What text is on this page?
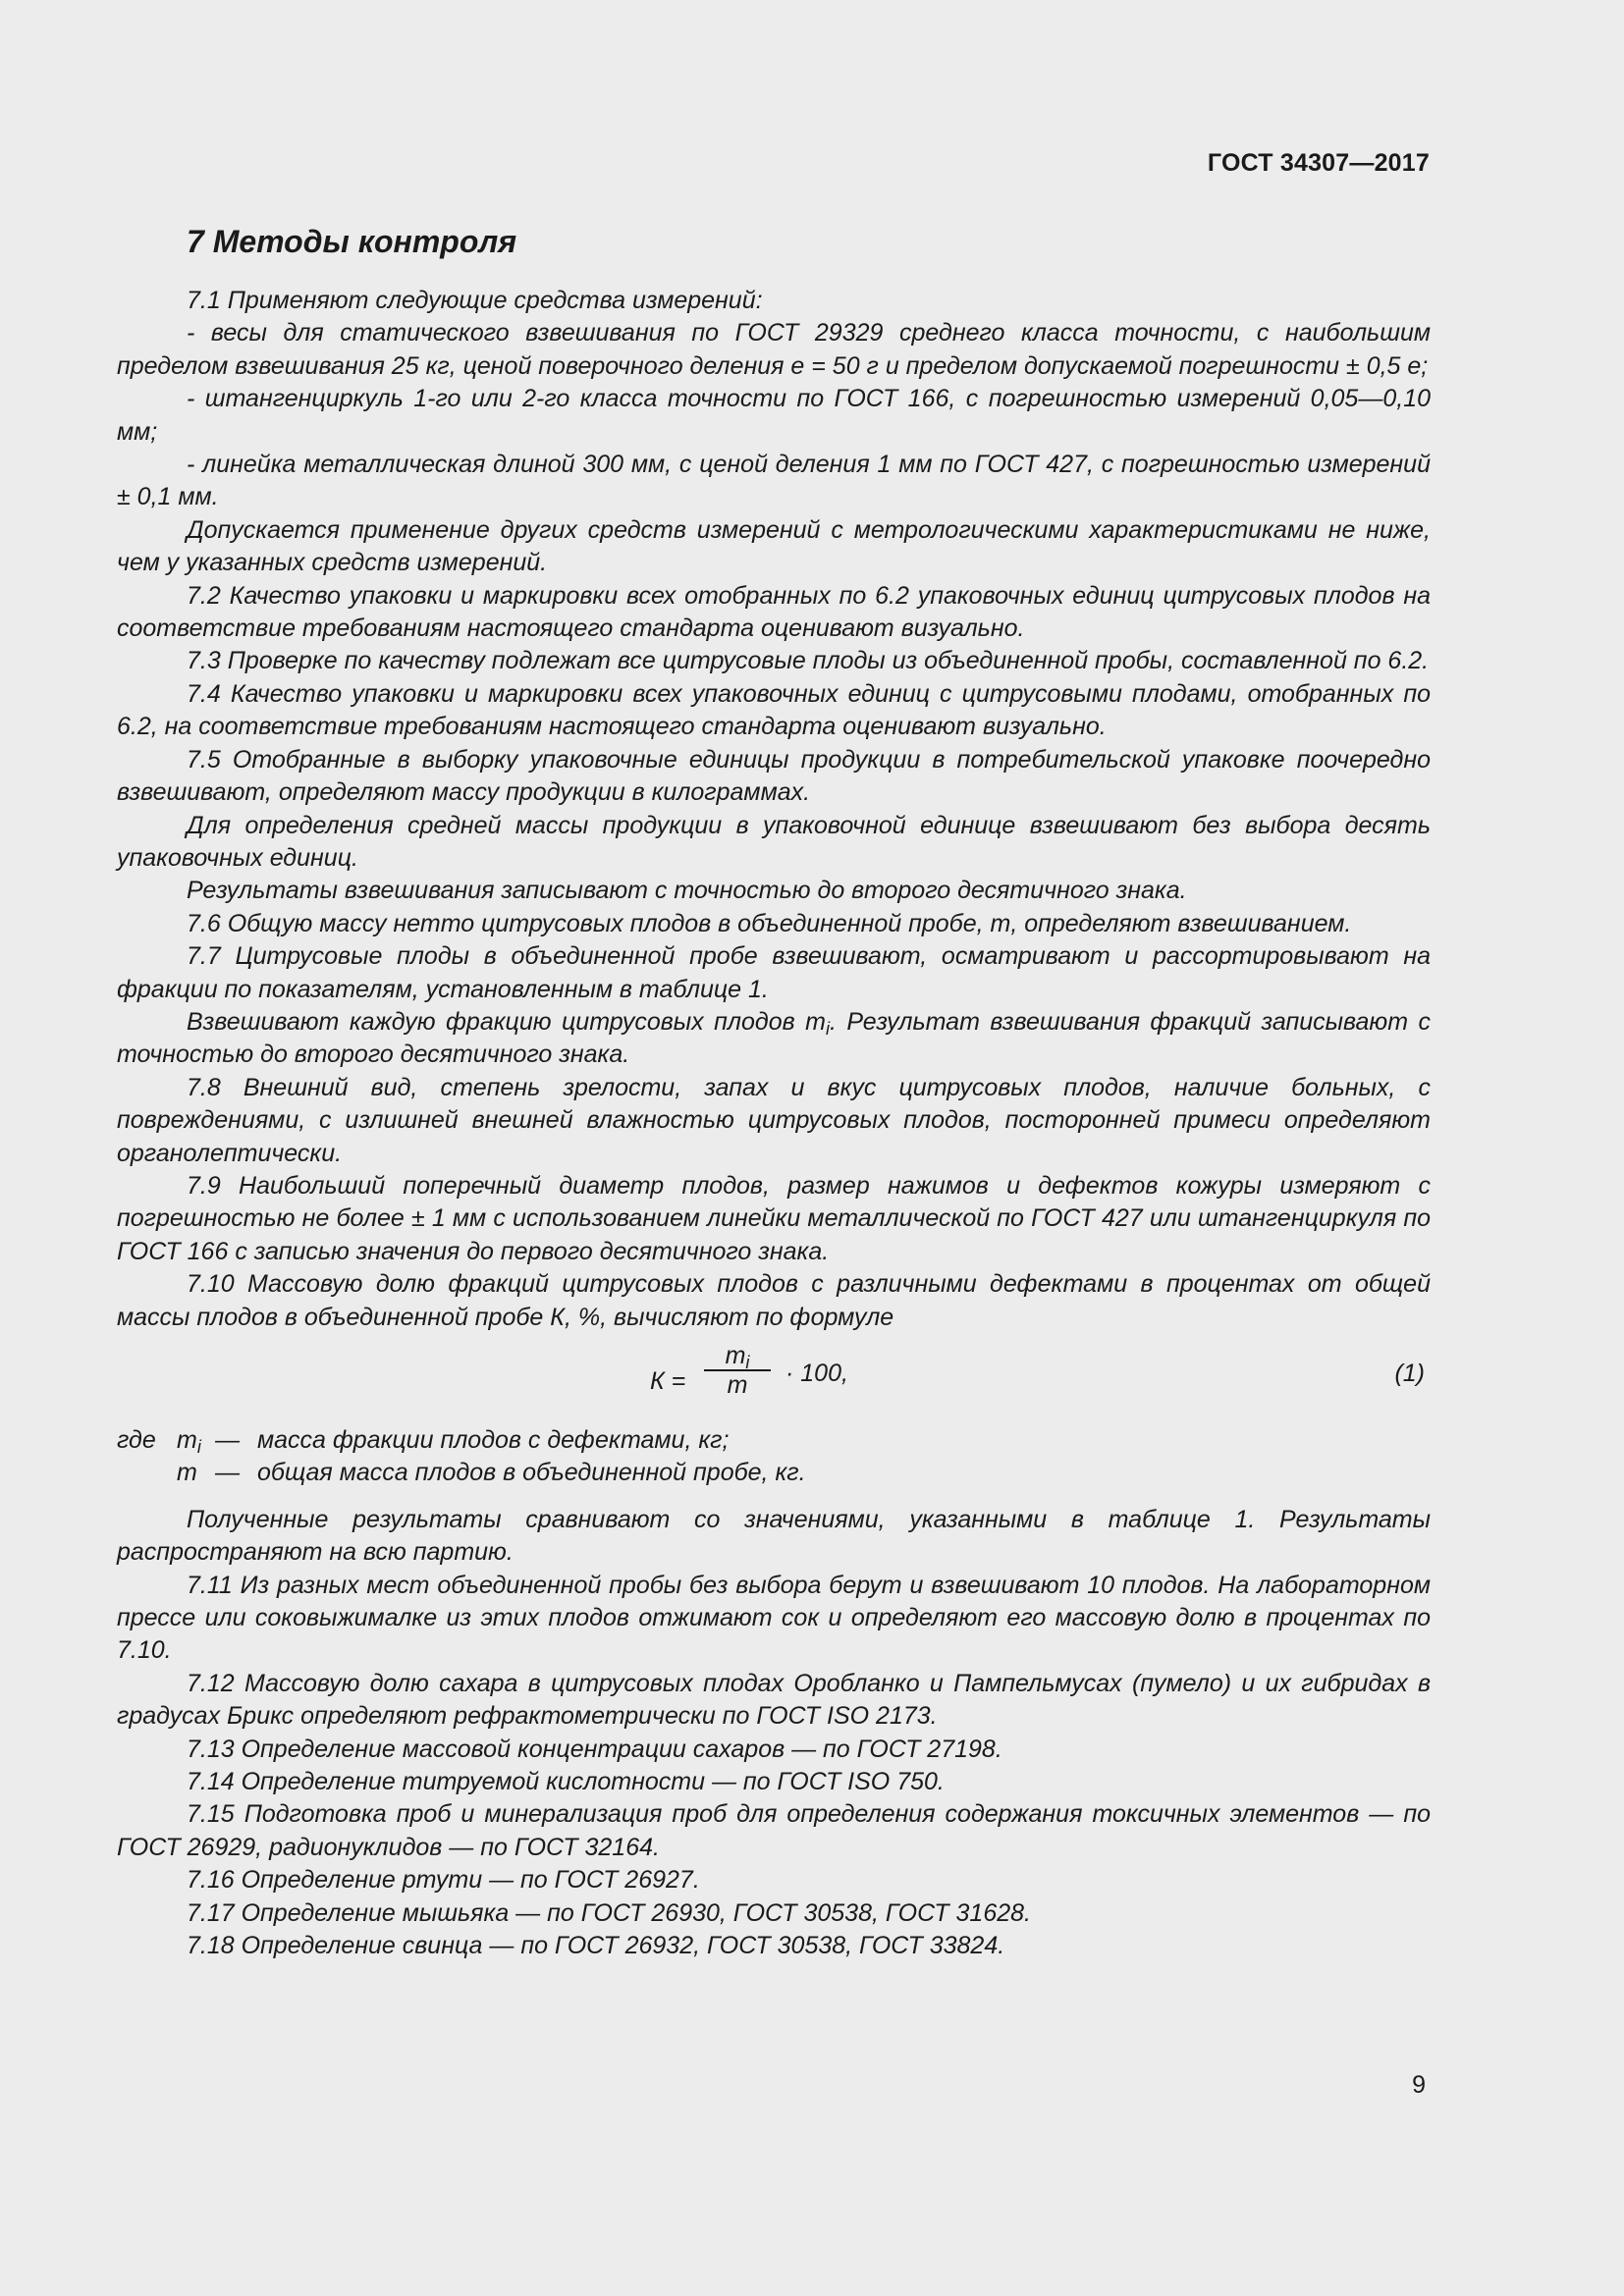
ГОСТ 34307—2017
7 Методы контроля

7.1 Применяют следующие средства измерений:

- весы для статического взвешивания по ГОСТ 29329 среднего класса точности, с наибольшим пределом взвешивания 25 кг, ценой поверочного деления е = 50 г и пределом допускаемой погрешности ± 0,5 е;

- штангенциркуль 1-го или 2-го класса точности по ГОСТ 166, с погрешностью измерений 0,05—0,10 мм;

- линейка металлическая длиной 300 мм, с ценой деления 1 мм по ГОСТ 427, с погрешностью измерений ± 0,1 мм.

Допускается применение других средств измерений с метрологическими характеристиками не ниже, чем у указанных средств измерений.

7.2 Качество упаковки и маркировки всех отобранных по 6.2 упаковочных единиц цитрусовых плодов на соответствие требованиям настоящего стандарта оценивают визуально.

7.3 Проверке по качеству подлежат все цитрусовые плоды из объединенной пробы, составленной по 6.2.

7.4 Качество упаковки и маркировки всех упаковочных единиц с цитрусовыми плодами, отобранных по 6.2, на соответствие требованиям настоящего стандарта оценивают визуально.

7.5 Отобранные в выборку упаковочные единицы продукции в потребительской упаковке поочередно взвешивают, определяют массу продукции в килограммах.

Для определения средней массы продукции в упаковочной единице взвешивают без выбора десять упаковочных единиц.

Результаты взвешивания записывают с точностью до второго десятичного знака.

7.6 Общую массу нетто цитрусовых плодов в объединенной пробе, m, определяют взвешиванием.

7.7 Цитрусовые плоды в объединенной пробе взвешивают, осматривают и рассортировывают на фракции по показателям, установленным в таблице 1.

Взвешивают каждую фракцию цитрусовых плодов $m_i$. Результат взвешивания фракций записывают с точностью до второго десятичного знака.

7.8 Внешний вид, степень зрелости, запах и вкус цитрусовых плодов, наличие больных, с повреждениями, с излишней внешней влажностью цитрусовых плодов, посторонней примеси определяют органолептически.

7.9 Наибольший поперечный диаметр плодов, размер нажимов и дефектов кожуры измеряют с погрешностью не более ± 1 мм с использованием линейки металлической по ГОСТ 427 или штангенциркуля по ГОСТ 166 с записью значения до первого десятичного знака.

7.10 Массовую долю фракций цитрусовых плодов с различными дефектами в процентах от общей массы плодов в объединенной пробе К, %, вычисляют по формуле

$К = \frac{m_i}{m} \cdot 100$,	(1)
где $m_i$ — масса фракции плодов с дефектами, кг;
m — общая масса плодов в объединенной пробе, кг.

Полученные результаты сравнивают со значениями, указанными в таблице 1. Результаты распространяют на всю партию.

7.11 Из разных мест объединенной пробы без выбора берут и взвешивают 10 плодов. На лабораторном прессе или соковыжималке из этих плодов отжимают сок и определяют его массовую долю в процентах по 7.10.

7.12 Массовую долю сахара в цитрусовых плодах Оробланко и Пампельмусах (пумело) и их гибридах в градусах Брикс определяют рефрактометрически по ГОСТ ISO 2173.

7.13 Определение массовой концентрации сахаров — по ГОСТ 27198.

7.14 Определение титруемой кислотности — по ГОСТ ISO 750.

7.15 Подготовка проб и минерализация проб для определения содержания токсичных элементов — по ГОСТ 26929, радионуклидов — по ГОСТ 32164.

7.16 Определение ртути — по ГОСТ 26927.

7.17 Определение мышьяка — по ГОСТ 26930, ГОСТ 30538, ГОСТ 31628.

7.18 Определение свинца — по ГОСТ 26932, ГОСТ 30538, ГОСТ 33824.

9
